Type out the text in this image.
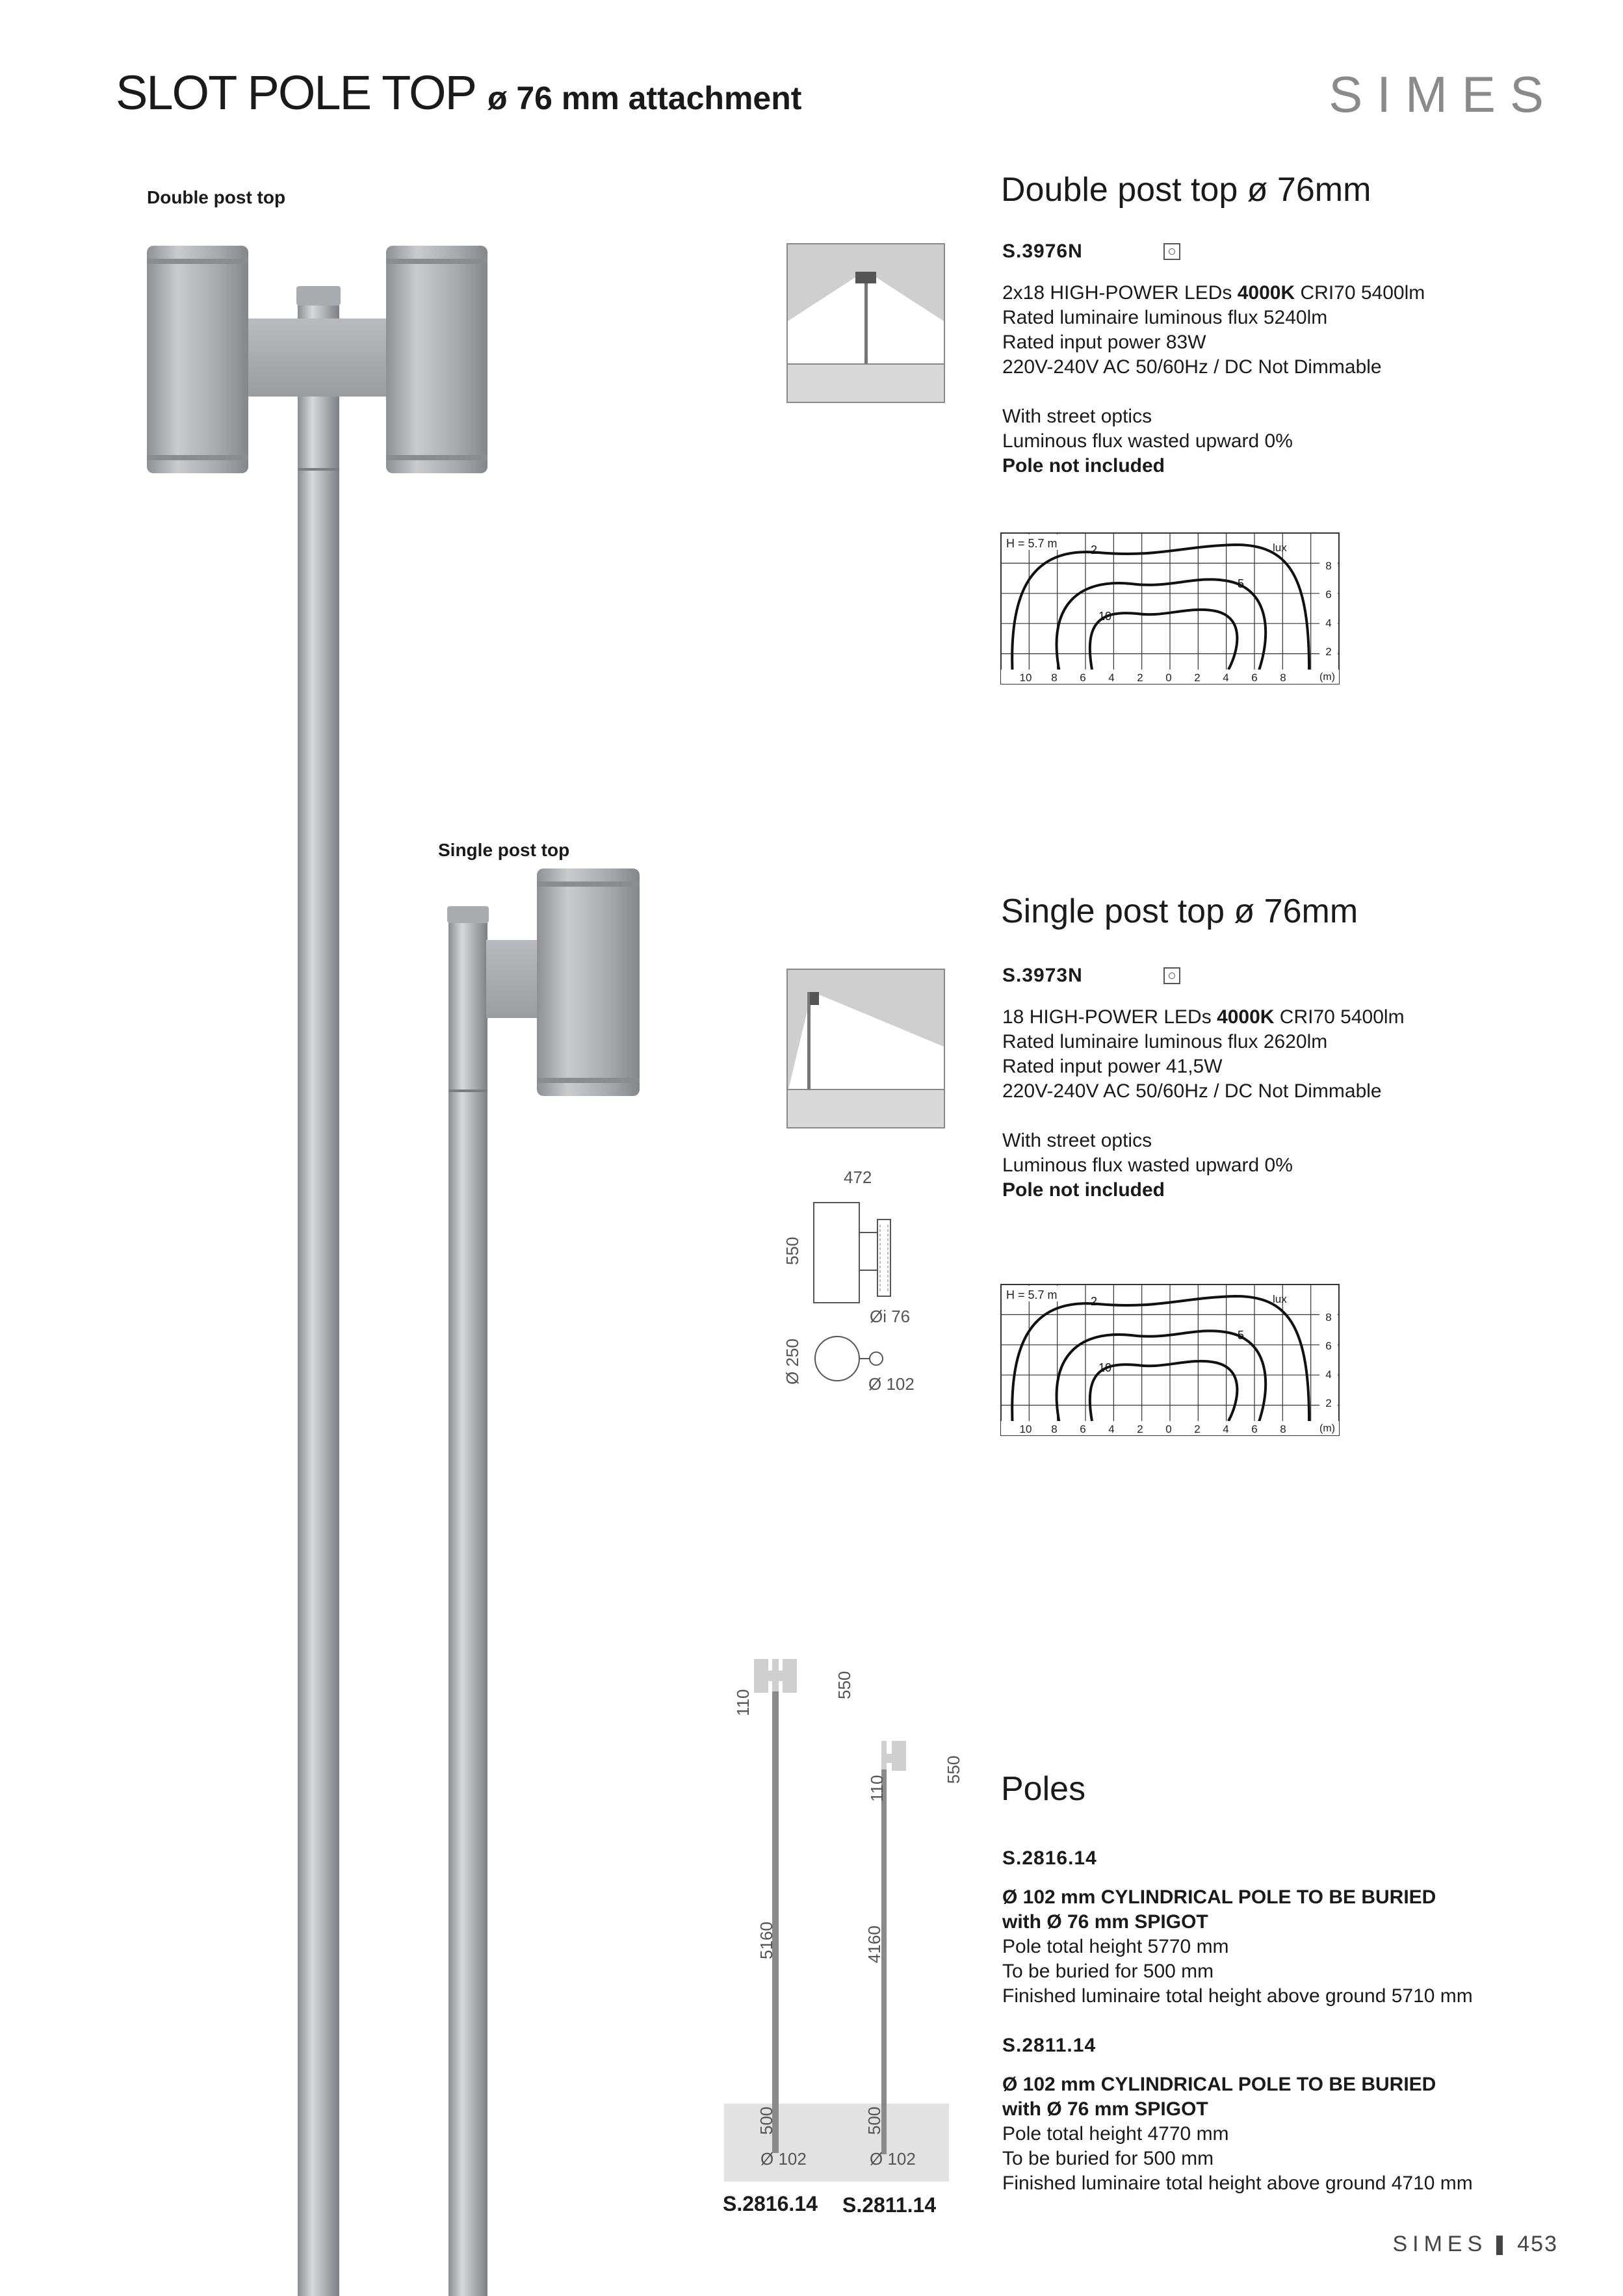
SLOT POLE TOP ø 76 mm attachment	SIMES
Double post top
Single post top
472
550
Øi 76
Ø 250	Ø 102
Double post top ø 76mm
S.3976N
2x18 HIGH-POWER LEDs 4000K CRI70 5400lm
Rated luminaire luminous flux 5240lm
Rated input power 83W
220V-240V AC 50/60Hz / DC Not Dimmable
With street optics
Luminous flux wasted upward 0%
Pole not included
Single post top ø 76mm
S.3973N
18 HIGH-POWER LEDs 4000K CRI70 5400lm
Rated luminaire luminous flux 2620lm
Rated input power 41,5W
220V-240V AC 50/60Hz / DC Not Dimmable
With street optics
Luminous flux wasted upward 0%
Pole not included
H = 5.7 m	lux
2
5
10
10 8 6 4 2 0 2 4 6 8	(m)
8
6
4
2
H = 5.7 m	lux
2
5
10
10 8 6 4 2 0 2 4 6 8	(m)
8
6
4
2
Poles
S.2816.14
Ø 102 mm CYLINDRICAL POLE TO BE BURIED
with Ø 76 mm SPIGOT
Pole total height 5770 mm
To be buried for 500 mm
Finished luminaire total height above ground 5710 mm
S.2811.14
Ø 102 mm CYLINDRICAL POLE TO BE BURIED
with Ø 76 mm SPIGOT
Pole total height 4770 mm
To be buried for 500 mm
Finished luminaire total height above ground 4710 mm
110
550
5160
500
Ø 102
110
550
4160
500
Ø 102
S.2816.14 S.2811.14
SIMES 453
